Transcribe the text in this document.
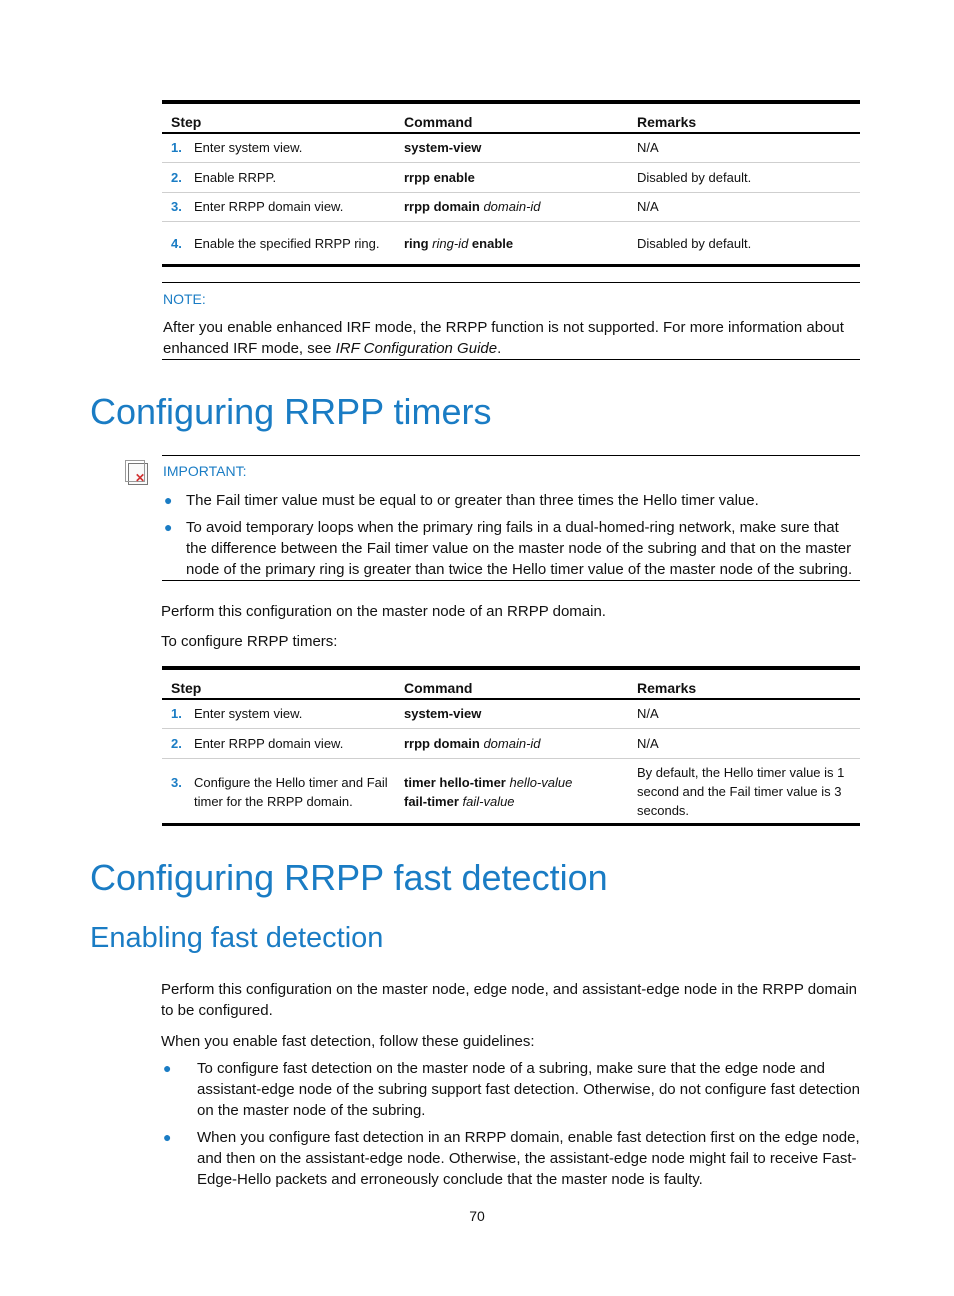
Step	Command	Remarks

1. Enter system view.	system-view	N/A

2. Enable RRPP.	rrpp enable	Disabled by default.

3. Enter RRPP domain view.	rrpp domain domain-id	N/A

4. Enable the specified RRPP ring.	ring ring-id enable	Disabled by default.
NOTE:
After you enable enhanced IRF mode, the RRPP function is not supported. For more information about enhanced IRF mode, see IRF Configuration Guide.
Configuring RRPP timers
✕ IMPORTANT:
● The Fail timer value must be equal to or greater than three times the Hello timer value.
● To avoid temporary loops when the primary ring fails in a dual-homed-ring network, make sure that the difference between the Fail timer value on the master node of the subring and that on the master node of the primary ring is greater than twice the Hello timer value of the master node of the subring.
Perform this configuration on the master node of an RRPP domain.
To configure RRPP timers:
Step	Command	Remarks

1. Enter system view.	system-view	N/A

2. Enter RRPP domain view.	rrpp domain domain-id	N/A

3. Configure the Hello timer and Fail timer for the RRPP domain.	timer hello-timer hello-value
fail-timer fail-value	By default, the Hello timer value is 1 second and the Fail timer value is 3 seconds.
Configuring RRPP fast detection
Enabling fast detection
Perform this configuration on the master node, edge node, and assistant-edge node in the RRPP domain to be configured.
When you enable fast detection, follow these guidelines:
● To configure fast detection on the master node of a subring, make sure that the edge node and assistant-edge node of the subring support fast detection. Otherwise, do not configure fast detection on the master node of the subring.
● When you configure fast detection in an RRPP domain, enable fast detection first on the edge node, and then on the assistant-edge node. Otherwise, the assistant-edge node might fail to receive Fast-Edge-Hello packets and erroneously conclude that the master node is faulty.
70
